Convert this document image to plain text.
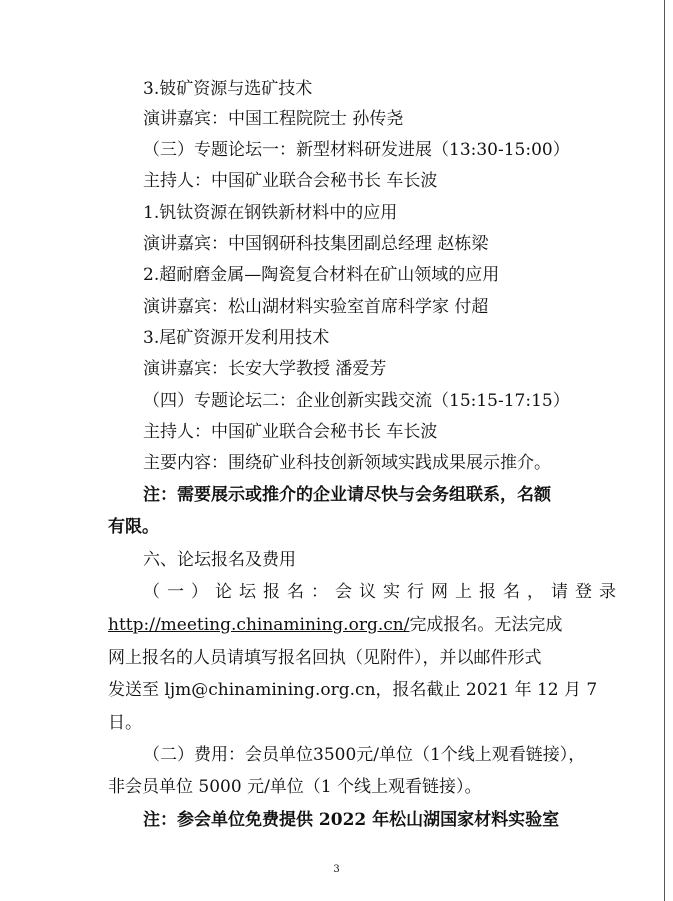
3.铍矿资源与选矿技术
演讲嘉宾：中国工程院院士 孙传尧
（三）专题论坛一：新型材料研发进展（13:30-15:00）
主持人：中国矿业联合会秘书长 车长波
1.钒钛资源在钢铁新材料中的应用
演讲嘉宾：中国钢研科技集团副总经理 赵栋梁
2.超耐磨金属—陶瓷复合材料在矿山领域的应用
演讲嘉宾：松山湖材料实验室首席科学家 付超
3.尾矿资源开发利用技术
演讲嘉宾：长安大学教授 潘爱芳
（四）专题论坛二：企业创新实践交流（15:15-17:15）
主持人：中国矿业联合会秘书长 车长波
主要内容：围绕矿业科技创新领域实践成果展示推介。
注：需要展示或推介的企业请尽快与会务组联系，名额
有限。
六、论坛报名及费用
（一）论坛报名：会议实行网上报名，请登录
http://meeting.chinamining.org.cn/完成报名。无法完成
网上报名的人员请填写报名回执（见附件），并以邮件形式
发送至 ljm@chinamining.org.cn，报名截止 2021 年 12 月 7
日。
（二）费用：会员单位3500元/单位（1个线上观看链接），
非会员单位 5000 元/单位（1 个线上观看链接）。
注：参会单位免费提供 2022 年松山湖国家材料实验室
3
